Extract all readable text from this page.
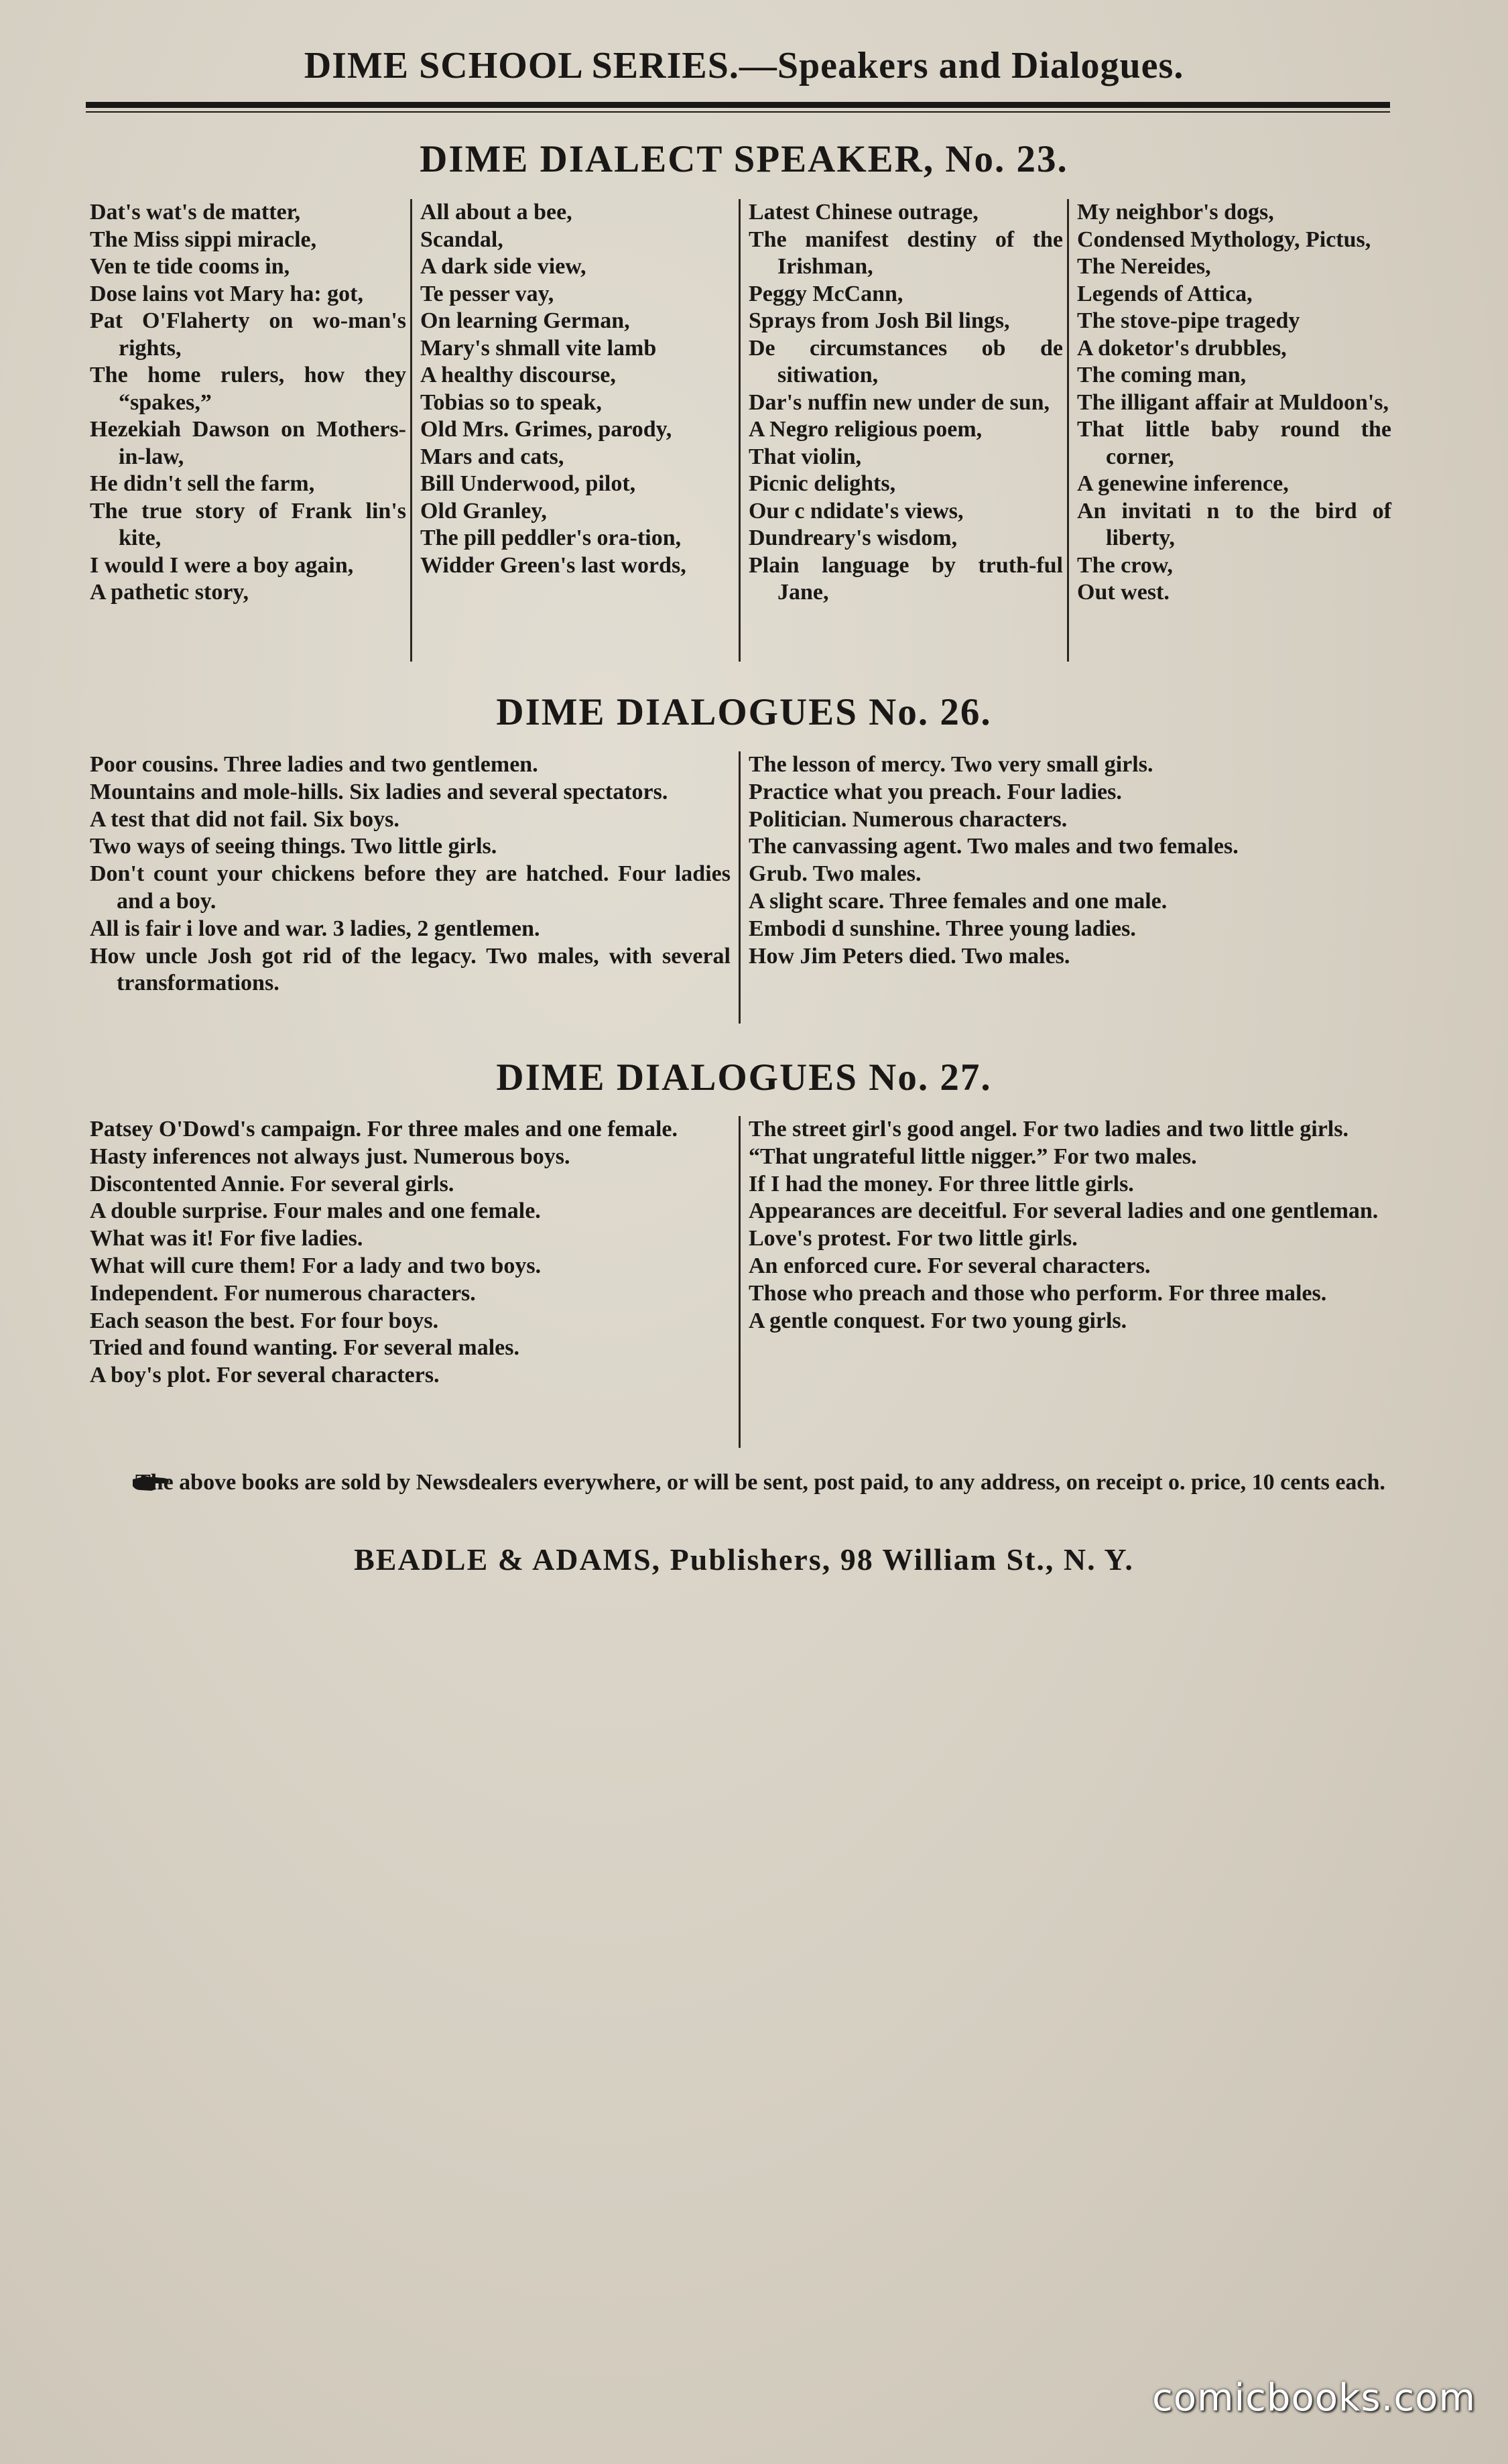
DIME SCHOOL SERIES.—Speakers and Dialogues.
DIME DIALECT SPEAKER, No. 23.
Dat's wat's de matter,
The Miss sippi miracle,
Ven te tide cooms in,
Dose lains vot Mary ha: got,
Pat O'Flaherty on wo-man's rights,
The home rulers, how they “spakes,”
Hezekiah Dawson on Mothers-in-law,
He didn't sell the farm,
The true story of Frank lin's kite,
I would I were a boy again,
A pathetic story,
All about a bee,
Scandal,
A dark side view,
Te pesser vay,
On learning German,
Mary's shmall vite lamb
A healthy discourse,
Tobias so to speak,
Old Mrs. Grimes, parody,
Mars and cats,
Bill Underwood, pilot,
Old Granley,
The pill peddler's ora-tion,
Widder Green's last words,
Latest Chinese outrage,
The manifest destiny of the Irishman,
Peggy McCann,
Sprays from Josh Bil lings,
De circumstances ob de sitiwation,
Dar's nuffin new under de sun,
A Negro religious poem,
That violin,
Picnic delights,
Our c ndidate's views,
Dundreary's wisdom,
Plain language by truth-ful Jane,
My neighbor's dogs,
Condensed Mythology, Pictus,
The Nereides,
Legends of Attica,
The stove-pipe tragedy
A doketor's drubbles,
The coming man,
The illigant affair at Muldoon's,
That little baby round the corner,
A genewine inference,
An invitati n to the bird of liberty,
The crow,
Out west.
DIME DIALOGUES No. 26.
Poor cousins. Three ladies and two gentlemen.
Mountains and mole-hills. Six ladies and several spectators.
A test that did not fail. Six boys.
Two ways of seeing things. Two little girls.
Don't count your chickens before they are hatched. Four ladies and a boy.
All is fair i love and war. 3 ladies, 2 gentlemen.
How uncle Josh got rid of the legacy. Two males, with several transformations.
The lesson of mercy. Two very small girls.
Practice what you preach. Four ladies.
Politician. Numerous characters.
The canvassing agent. Two males and two females.
Grub. Two males.
A slight scare. Three females and one male.
Embodi d sunshine. Three young ladies.
How Jim Peters died. Two males.
DIME DIALOGUES No. 27.
Patsey O'Dowd's campaign. For three males and one female.
Hasty inferences not always just. Numerous boys.
Discontented Annie. For several girls.
A double surprise. Four males and one female.
What was it! For five ladies.
What will cure them! For a lady and two boys.
Independent. For numerous characters.
Each season the best. For four boys.
Tried and found wanting. For several males.
A boy's plot. For several characters.
The street girl's good angel. For two ladies and two little girls.
“That ungrateful little nigger.” For two males.
If I had the money. For three little girls.
Appearances are deceitful. For several ladies and one gentleman.
Love's protest. For two little girls.
An enforced cure. For several characters.
Those who preach and those who perform. For three males.
A gentle conquest. For two young girls.
The above books are sold by Newsdealers everywhere, or will be sent, post paid, to any address, on receipt o. price, 10 cents each.
BEADLE & ADAMS, Publishers, 98 William St., N. Y.
comicbooks.com
